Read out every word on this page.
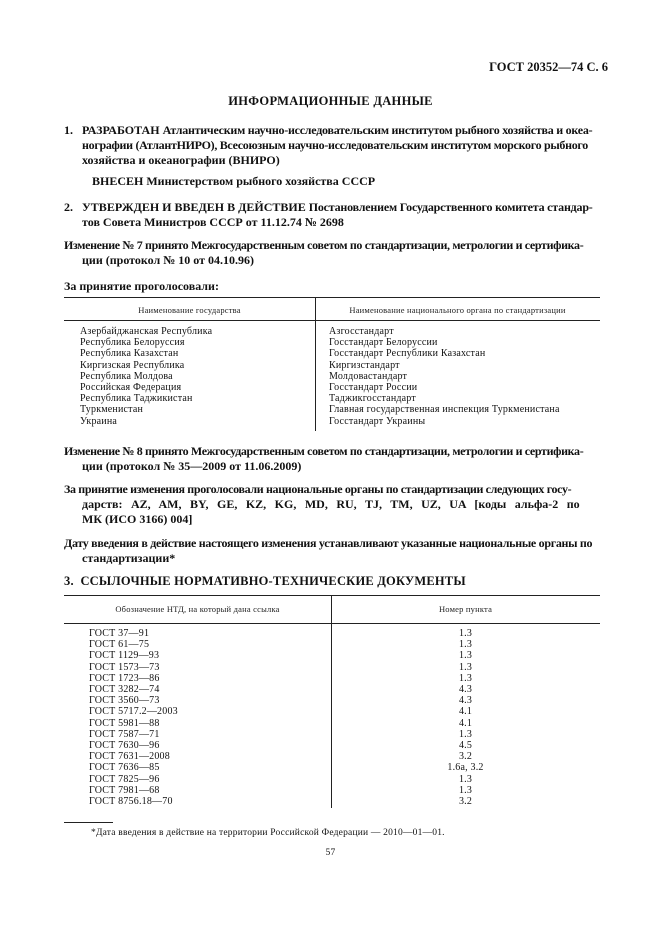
ГОСТ 20352—74 С. 6
ИНФОРМАЦИОННЫЕ ДАННЫЕ
1. РАЗРАБОТАН Атлантическим научно-исследовательским институтом рыбного хозяйства и океа-
нографии (АтлантНИРО), Всесоюзным научно-исследовательским институтом морского рыбного
хозяйства и океанографии (ВНИРО)
ВНЕСЕН Министерством рыбного хозяйства СССР
2. УТВЕРЖДЕН И ВВЕДЕН В ДЕЙСТВИЕ Постановлением Государственного комитета стандар-
тов Совета Министров СССР от 11.12.74 № 2698
Изменение № 7 принято Межгосударственным советом по стандартизации, метрологии и сертифика-
ции (протокол № 10 от 04.10.96)
За принятие проголосовали:
Наименование государства	Наименование национального органа по стандартизации
Азербайджанская Республика
Республика Белоруссия
Республика Казахстан
Киргизская Республика
Республика Молдова
Российская Федерация
Республика Таджикистан
Туркменистан
Украина
Азгосстандарт
Госстандарт Белоруссии
Госстандарт Республики Казахстан
Киргизстандарт
Молдовастандарт
Госстандарт России
Таджикгосстандарт
Главная государственная инспекция Туркменистана
Госстандарт Украины
Изменение № 8 принято Межгосударственным советом по стандартизации, метрологии и сертифика-
ции (протокол № 35—2009 от 11.06.2009)
За принятие изменения проголосовали национальные органы по стандартизации следующих госу-
дарств: AZ, AM, BY, GE, KZ, KG, MD, RU, TJ, TM, UZ, UA [коды альфа-2 по
МК (ИСО 3166) 004]
Дату введения в действие настоящего изменения устанавливают указанные национальные органы по
стандартизации*
3. ССЫЛОЧНЫЕ НОРМАТИВНО-ТЕХНИЧЕСКИЕ ДОКУМЕНТЫ
Обозначение НТД, на который дана ссылка	Номер пункта
ГОСТ 37—91
ГОСТ 61—75
ГОСТ 1129—93
ГОСТ 1573—73
ГОСТ 1723—86
ГОСТ 3282—74
ГОСТ 3560—73
ГОСТ 5717.2—2003
ГОСТ 5981—88
ГОСТ 7587—71
ГОСТ 7630—96
ГОСТ 7631—2008
ГОСТ 7636—85
ГОСТ 7825—96
ГОСТ 7981—68
ГОСТ 8756.18—70
1.3
1.3
1.3
1.3
1.3
4.3
4.3
4.1
4.1
1.3
4.5
3.2
1.6а, 3.2
1.3
1.3
3.2
*Дата введения в действие на территории Российской Федерации — 2010—01—01.
57
